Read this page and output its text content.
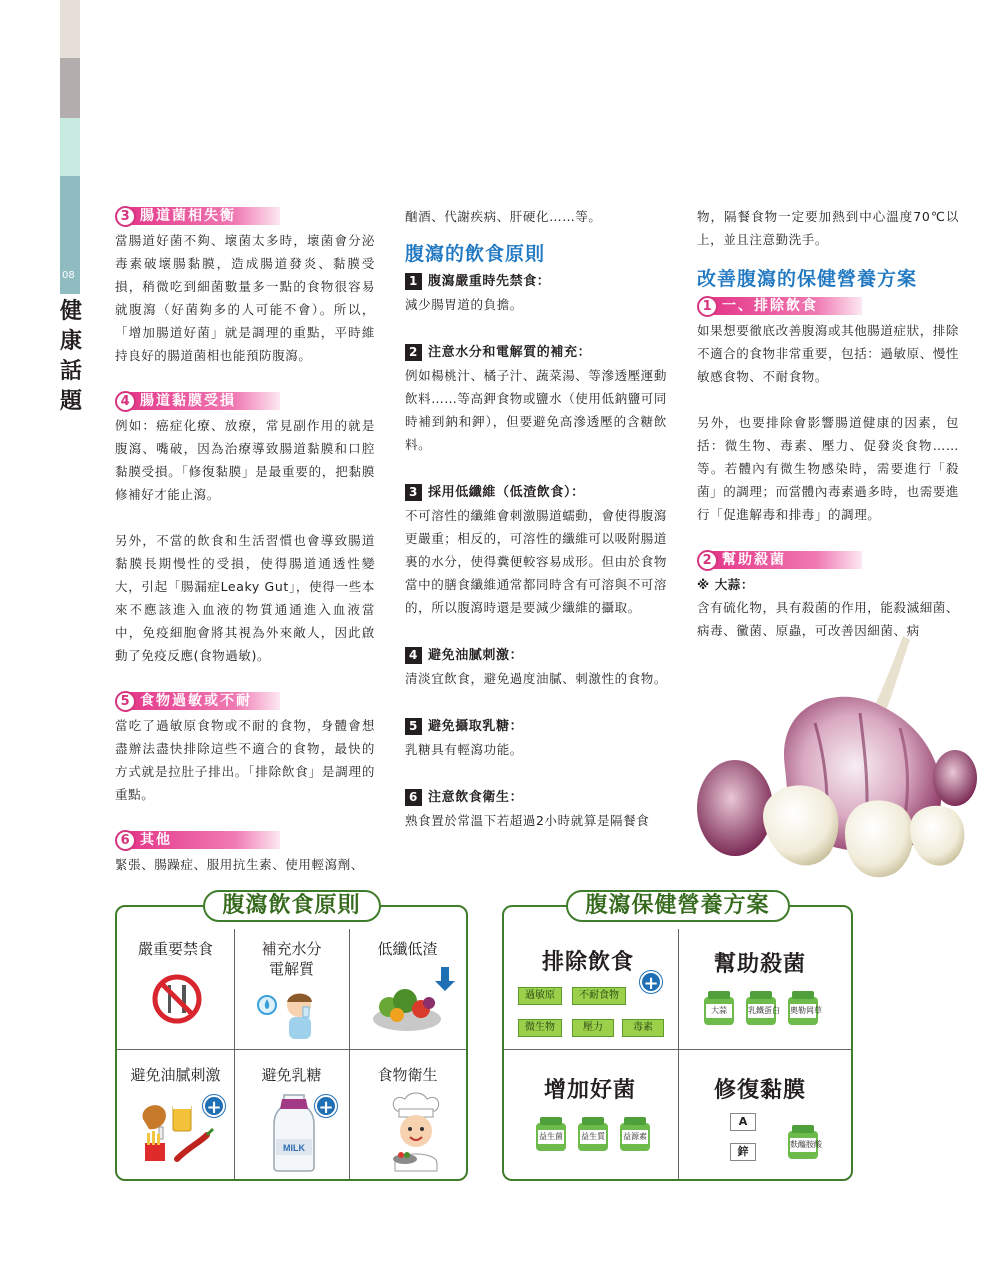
08
健
康
話
題
3 腸道菌相失衡

當腸道好菌不夠、壞菌太多時，壞菌會分泌毒素破壞腸黏膜，造成腸道發炎、黏膜受損，稍微吃到細菌數量多一點的食物很容易就腹瀉（好菌夠多的人可能不會）。所以，「增加腸道好菌」就是調理的重點，平時維持良好的腸道菌相也能預防腹瀉。

4 腸道黏膜受損

例如：癌症化療、放療，常見副作用的就是腹瀉、嘴破，因為治療導致腸道黏膜和口腔黏膜受損。「修復黏膜」是最重要的，把黏膜修補好才能止瀉。

另外，不當的飲食和生活習慣也會導致腸道黏膜長期慢性的受損，使得腸道通透性變大，引起「腸漏症Leaky Gut」，使得一些本來不應該進入血液的物質通通進入血液當中，免疫細胞會將其視為外來敵人，因此啟動了免疫反應(食物過敏)。

5 食物過敏或不耐

當吃了過敏原食物或不耐的食物，身體會想盡辦法盡快排除這些不適合的食物，最快的方式就是拉肚子排出。「排除飲食」是調理的重點。

6 其他

緊張、腸躁症、服用抗生素、使用輕瀉劑、

酗酒、代謝疾病、肝硬化……等。

腹瀉的飲食原則
1 腹瀉嚴重時先禁食：

減少腸胃道的負擔。

2 注意水分和電解質的補充：

例如楊桃汁、橘子汁、蔬菜湯、等滲透壓運動飲料……等高鉀食物或鹽水（使用低鈉鹽可同時補到鈉和鉀），但要避免高滲透壓的含糖飲料。

3 採用低纖維（低渣飲食）：

不可溶性的纖維會刺激腸道蠕動，會使得腹瀉更嚴重；相反的，可溶性的纖維可以吸附腸道裏的水分，使得糞便較容易成形。但由於食物當中的膳食纖維通常都同時含有可溶與不可溶的，所以腹瀉時還是要減少纖維的攝取。

4 避免油膩刺激：

清淡宜飲食，避免過度油膩、刺激性的食物。

5 避免攝取乳糖：

乳糖具有輕瀉功能。

6 注意飲食衛生：

熟食置於常溫下若超過2小時就算是隔餐食

物，隔餐食物一定要加熱到中心溫度70℃以上，並且注意勤洗手。

改善腹瀉的保健營養方案
1 一、排除飲食

如果想要徹底改善腹瀉或其他腸道症狀，排除不適合的食物非常重要，包括：過敏原、慢性敏感食物、不耐食物。

另外，也要排除會影響腸道健康的因素，包括：微生物、毒素、壓力、促發炎食物……等。若體內有微生物感染時，需要進行「殺菌」的調理；而當體內毒素過多時，也需要進行「促進解毒和排毒」的調理。

2 幫助殺菌
※ 大蒜：

含有硫化物，具有殺菌的作用，能殺滅細菌、病毒、黴菌、原蟲，可改善因細菌、病

腹瀉飲食原則
嚴重要禁食	補充水分
電解質
低纖低渣
避免油膩刺激
+
避免乳糖
MILK
+
食物衛生
腹瀉保健營養方案
排除飲食
+
過敏原	不耐食物
微生物	壓力	毒素
幫助殺菌
大蒜	乳鐵蛋白 奧勒岡草
增加好菌
益生菌 益生質 益源素
修復黏膜
A
鋅
麩醯胺酸
